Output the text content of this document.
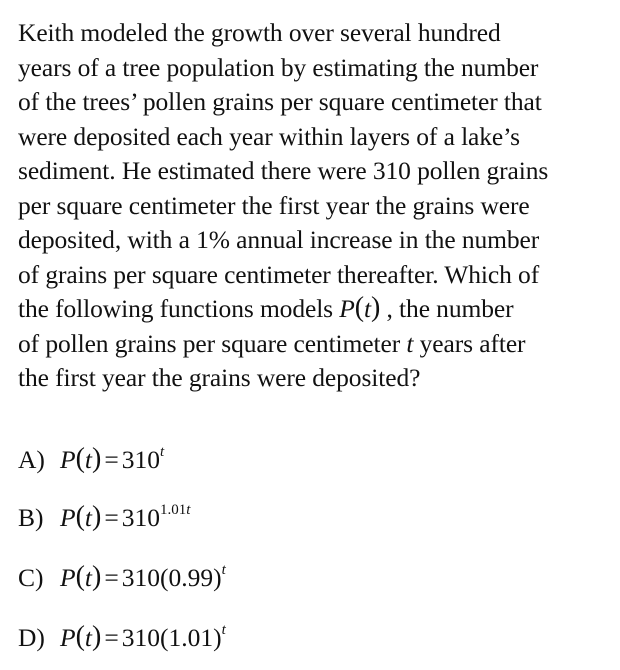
Keith modeled the growth over several hundred
years of a tree population by estimating the number
of the trees’ pollen grains per square centimeter that
were deposited each year within layers of a lake’s
sediment. He estimated there were 310 pollen grains
per square centimeter the first year the grains were
deposited, with a 1% annual increase in the number
of grains per square centimeter thereafter. Which of
the following functions models P(t) , the number
of pollen grains per square centimeter t years after
the first year the grains were deposited?
A) $P(t) = 310^t$
B) $P(t) = 310^{1.01t}$
C) $P(t) = 310(0.99)^t$
D) $P(t) = 310(1.01)^t$
